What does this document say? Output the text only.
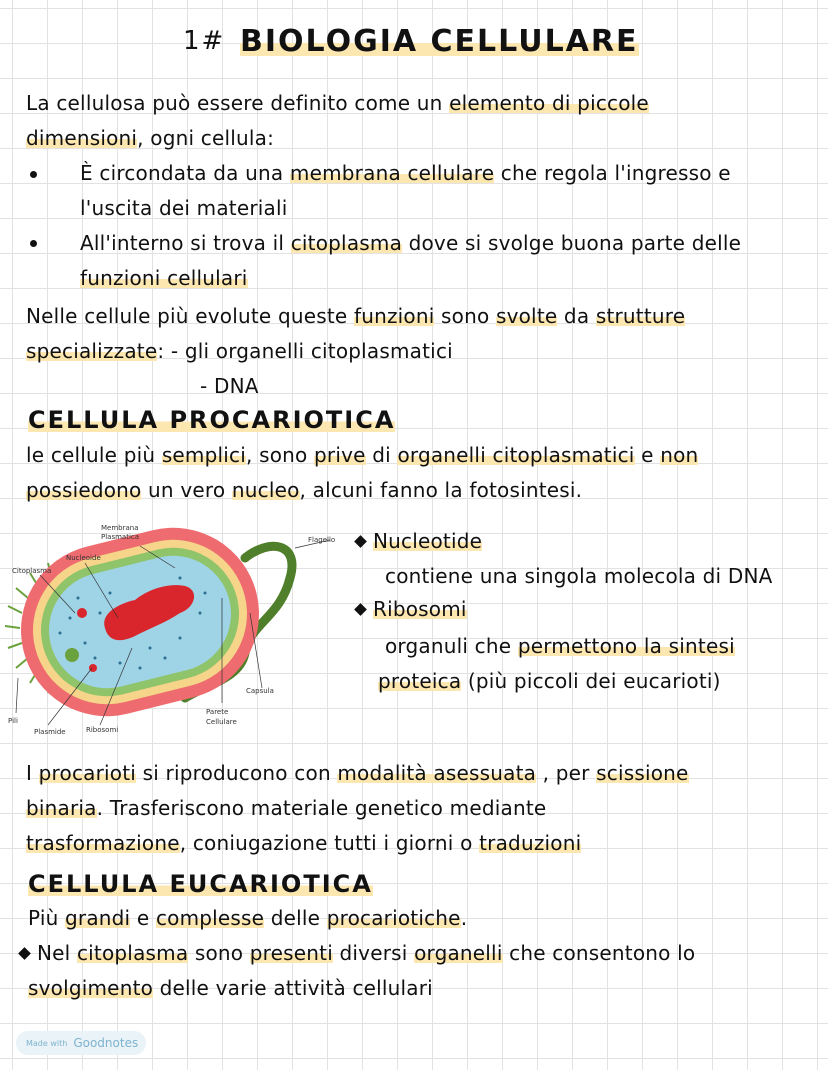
1# BIOLOGIA CELLULARE
La cellulosa può essere definito come un elemento di piccole
dimensioni, ogni cellula:
È circondata da una membrana cellulare che regola l'ingresso e
l'uscita dei materiali
All'interno si trova il citoplasma dove si svolge buona parte delle
funzioni cellulari
Nelle cellule più evolute queste funzioni sono svolte da strutture
specializzate: - gli organelli citoplasmatici
- DNA
CELLULA PROCARIOTICA
le cellule più semplici, sono prive di organelli citoplasmatici e non
possiedono un vero nucleo, alcuni fanno la fotosintesi.
Membrana
Plasmatica	Flagello
Nucleoide
Citoplasma
Capsula
Parete
Cellulare
Pili
Plasmide	Ribosomi
Nucleotide
contiene una singola molecola di DNA
Ribosomi
organuli che permettono la sintesi
proteica (più piccoli dei eucarioti)
I procarioti si riproducono con modalità asessuata , per scissione
binaria. Trasferiscono materiale genetico mediante
trasformazione, coniugazione tutti i giorni o traduzioni
CELLULA EUCARIOTICA
Più grandi e complesse delle procariotiche.
Nel citoplasma sono presenti diversi organelli che consentono lo
svolgimento delle varie attività cellulari
Made with Goodnotes
